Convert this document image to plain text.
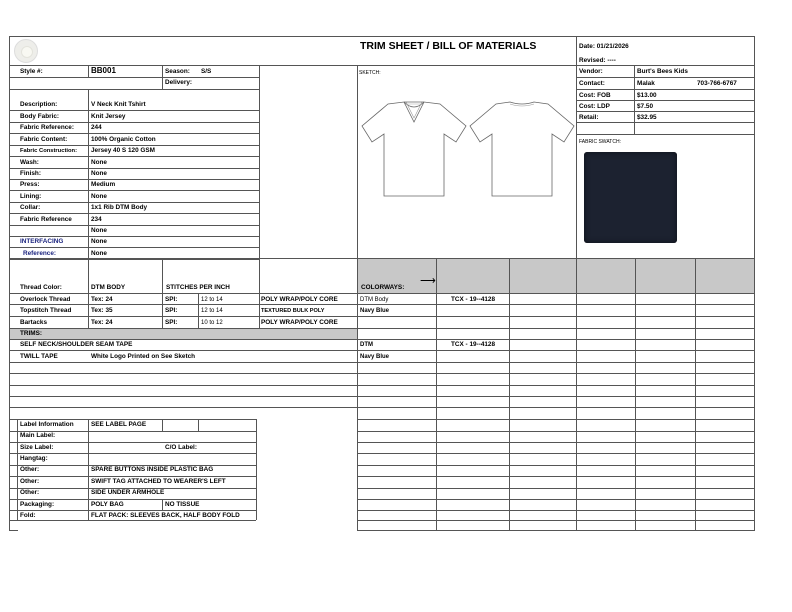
TRIM SHEET / BILL OF MATERIALS	Date: 01/21/2026
Revised: ----
Style #:	BB001	Season: S/S
Delivery:
Vendor:	Burt's Bees Kids
Contact:	Malak	703-766-6767
Cost: FOB	$13.00
Cost: LDP	$7.50
Retail:	$32.95
SKETCH:
FABRIC SWATCH:
Description:	V Neck Knit Tshirt
Body Fabric:	Knit Jersey
Fabric Reference:	244
Fabric Content:	100% Organic Cotton
Fabric Construction: Jersey 40 S 120 GSM
Wash:	None
Finish:	None
Press:	Medium
Lining:	None
Collar:	1x1 Rib DTM Body
Fabric Reference	234
None
INTERFACING	None
Reference:	None
Thread Color:	DTM BODY	STITCHES PER INCH	COLORWAYS:
⟶
Overlock Thread	Tex: 24	SPI:	12 to 14	POLY WRAP/POLY CORE
Topstitch Thread	Tex: 35	SPI:	12 to 14	TEXTURED BULK POLY
Bartacks	Tex: 24	SPI:	10 to 12	POLY WRAP/POLY CORE
TRIMS:
SELF NECK/SHOULDER SEAM TAPE
TWILL TAPE	White Logo Printed on See Sketch
DTM Body	TCX - 19--4128
Navy Blue
DTM	TCX - 19--4128
Navy Blue
Label Information	SEE LABEL PAGE
Main Label:
Size Label:	C/O Label:
Hangtag:
Other:	SPARE BUTTONS INSIDE PLASTIC BAG
Other:	SWIFT TAG ATTACHED TO WEARER'S LEFT
Other:	SIDE UNDER ARMHOLE
Packaging:	POLY BAG	NO TISSUE
Fold:	FLAT PACK: SLEEVES BACK, HALF BODY FOLD
